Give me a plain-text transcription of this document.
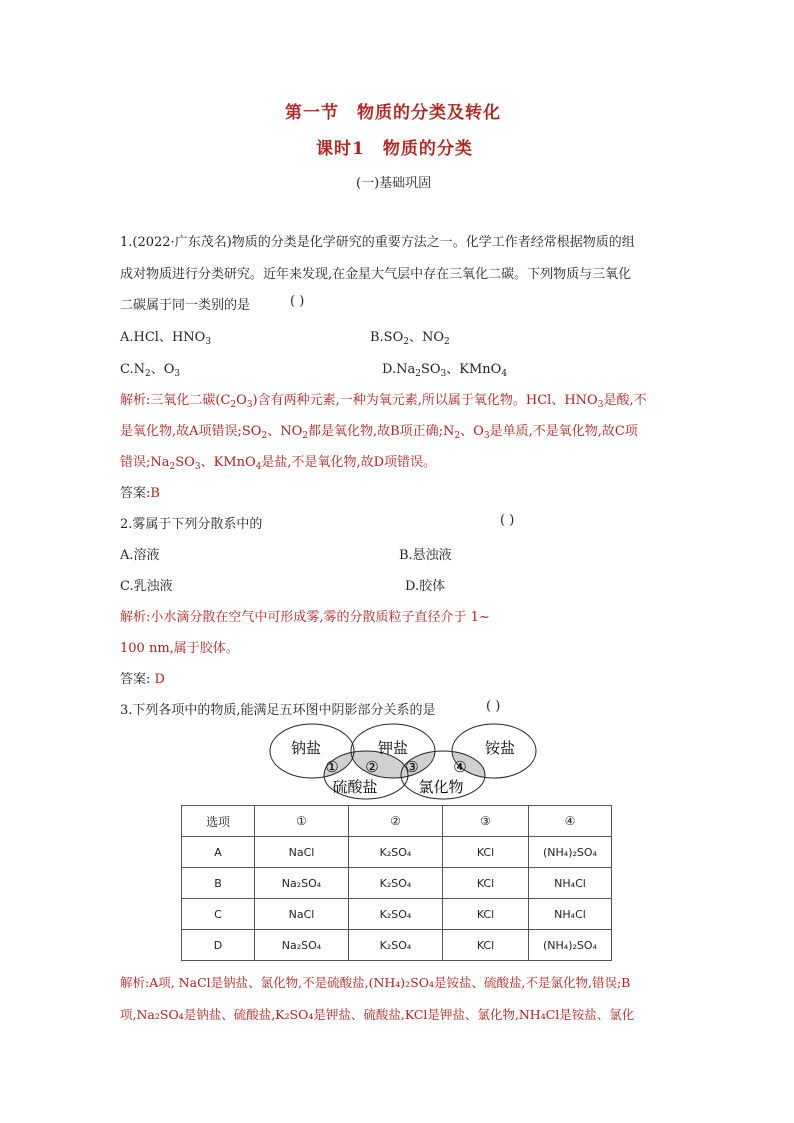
第一节　物质的分类及转化
课时1　物质的分类
(一)基础巩固
1.(2022·广东茂名)物质的分类是化学研究的重要方法之一。化学工作者经常根据物质的组
成对物质进行分类研究。近年来发现,在金星大气层中存在三氧化二碳。下列物质与三氧化
二碳属于同一类别的是	( )
A.HCl、$HNO_3$	$B.SO_2$、$NO_2$
$C.N_2$、$O_3$	$D.Na_2SO_3$、KMnO$_4$
解析:三氧化二碳$(C_2O_3)$含有两种元素,一种为氧元素,所以属于氧化物。HCl、$HNO_3$是酸,不
是氧化物,故A项错误$;SO_2$、$NO_2$都是氧化物,故B项正确$;N_2$、$O_3$是单质,不是氧化物,故C项
错误$;Na_2SO_3$、KMnO$_4$是盐,不是氧化物,故D项错误。
答案:B
2.雾属于下列分散系中的	( )
A.溶液	B.悬浊液
C.乳浊液	D.胶体
解析:小水滴分散在空气中可形成雾,雾的分散质粒子直径介于 1~
100 nm,属于胶体。
答案: D
3.下列各项中的物质,能满足五环图中阴影部分关系的是	( )
钠盐	钾盐	铵盐
硫酸盐	氯化物
① ② ③ ④
选项	①	②	③	④
A	NaCl	K₂SO₄	KCl	(NH₄)₂SO₄
B	Na₂SO₄	K₂SO₄	KCl	NH₄Cl
C	NaCl	K₂SO₄	KCl	NH₄Cl
D	Na₂SO₄	K₂SO₄	KCl	(NH₄)₂SO₄
解析:A项, NaCl是钠盐、氯化物,不是硫酸盐,(NH₄)₂SO₄是铵盐、硫酸盐,不是氯化物,错误;B
项,Na₂SO₄是钠盐、硫酸盐,K₂SO₄是钾盐、硫酸盐,KCl是钾盐、氯化物,NH₄Cl是铵盐、氯化
